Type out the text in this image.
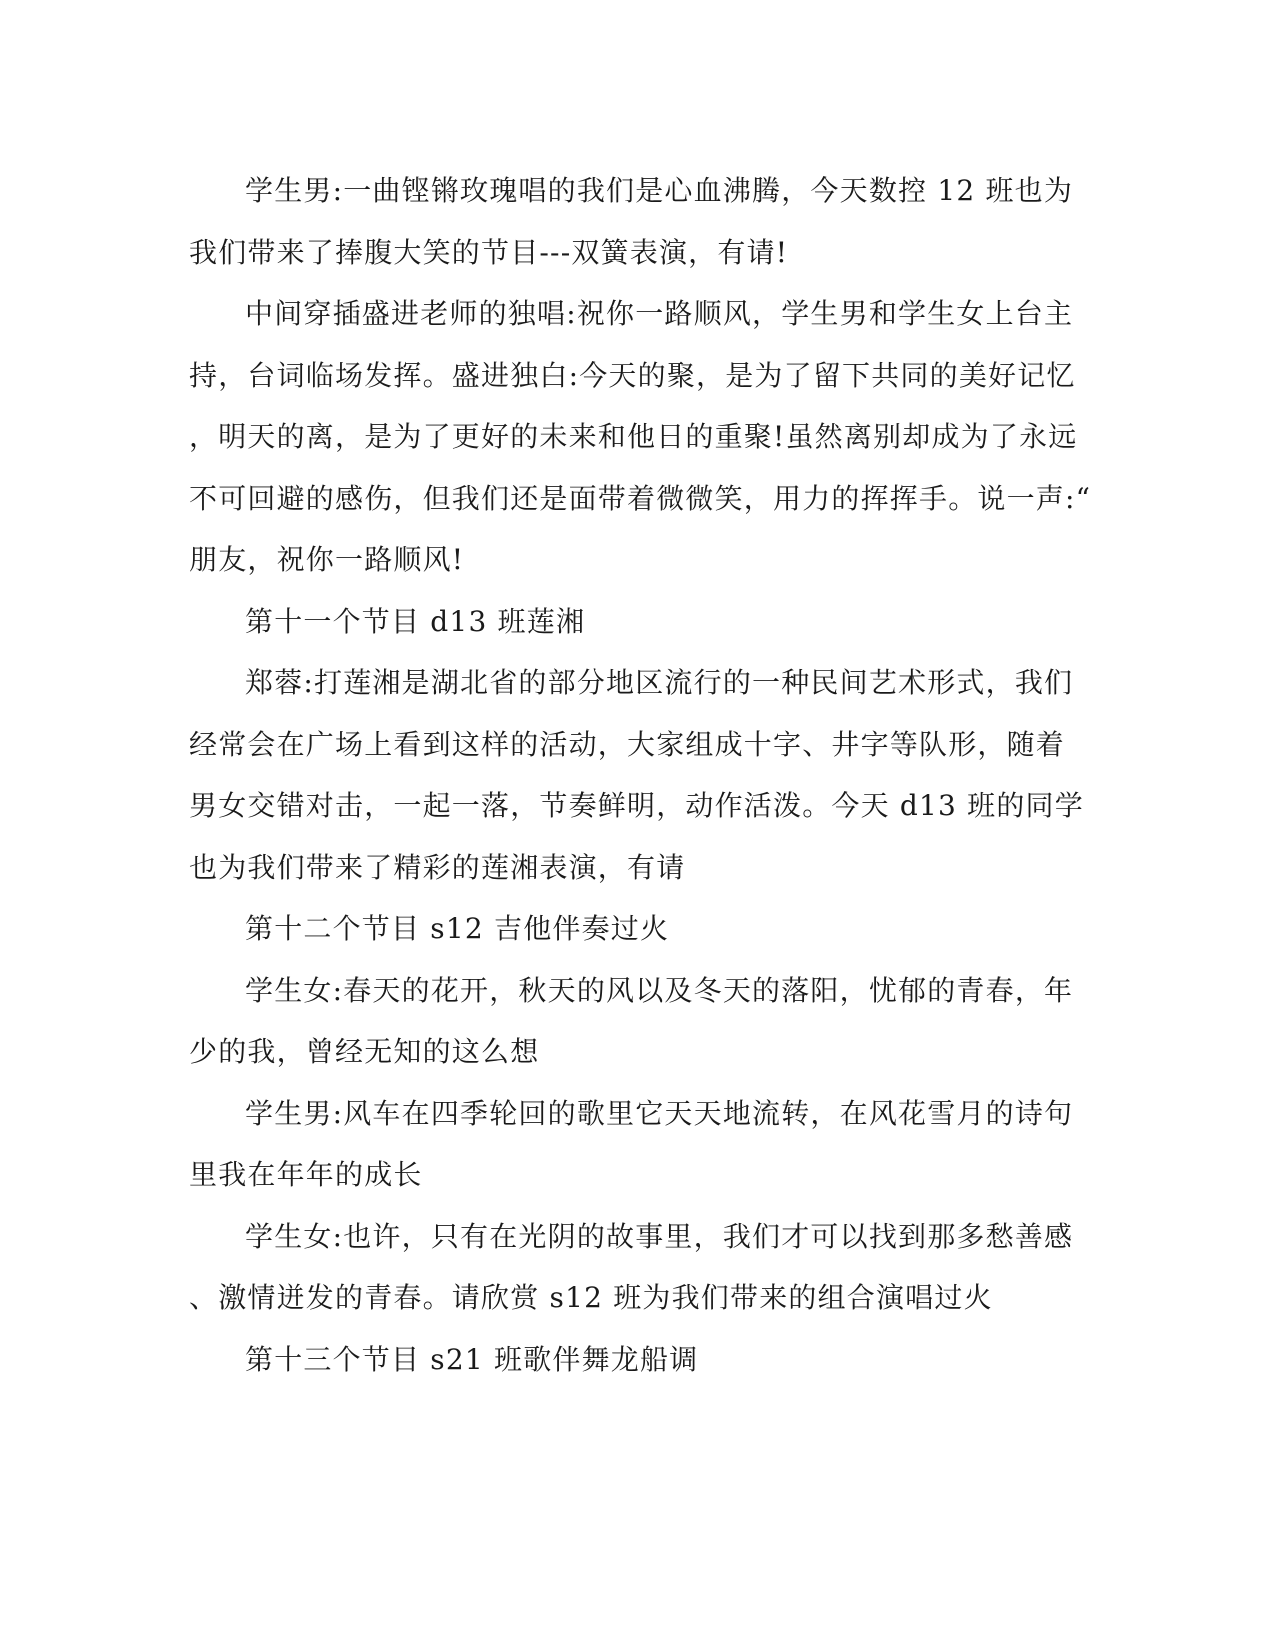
学生男:一曲铿锵玫瑰唱的我们是心血沸腾，今天数控 12 班也为
我们带来了捧腹大笑的节目---双簧表演，有请!

中间穿插盛进老师的独唱:祝你一路顺风，学生男和学生女上台主
持，台词临场发挥。盛进独白:今天的聚，是为了留下共同的美好记忆
，明天的离，是为了更好的未来和他日的重聚!虽然离别却成为了永远
不可回避的感伤，但我们还是面带着微微笑，用力的挥挥手。说一声:“
朋友，祝你一路顺风!

第十一个节目 d13 班莲湘

郑蓉:打莲湘是湖北省的部分地区流行的一种民间艺术形式，我们
经常会在广场上看到这样的活动，大家组成十字、井字等队形，随着
男女交错对击，一起一落，节奏鲜明，动作活泼。今天 d13 班的同学
也为我们带来了精彩的莲湘表演，有请

第十二个节目 s12 吉他伴奏过火

学生女:春天的花开，秋天的风以及冬天的落阳，忧郁的青春，年
少的我，曾经无知的这么想

学生男:风车在四季轮回的歌里它天天地流转，在风花雪月的诗句
里我在年年的成长

学生女:也许，只有在光阴的故事里，我们才可以找到那多愁善感
、激情迸发的青春。请欣赏 s12 班为我们带来的组合演唱过火

第十三个节目 s21 班歌伴舞龙船调
